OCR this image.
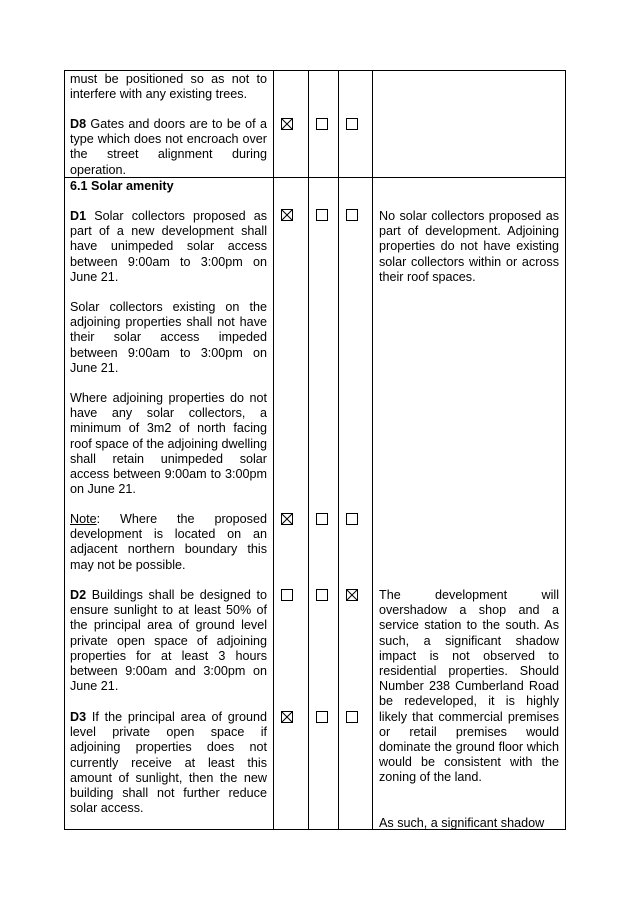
must be positioned so as not to interfere with any existing trees.

D8 Gates and doors are to be of a type which does not encroach over the street alignment during operation.

6.1 Solar amenity

D1 Solar collectors proposed as part of a new development shall have unimpeded solar access between 9:00am to 3:00pm on June 21.

No solar collectors proposed as part of development. Adjoining properties do not have existing solar collectors within or across their roof spaces.

Solar collectors existing on the adjoining properties shall not have their solar access impeded between 9:00am to 3:00pm on June 21.

Where adjoining properties do not have any solar collectors, a minimum of 3m2 of north facing roof space of the adjoining dwelling shall retain unimpeded solar access between 9:00am to 3:00pm on June 21.

Note: Where the proposed development is located on an adjacent northern boundary this may not be possible.

D2 Buildings shall be designed to ensure sunlight to at least 50% of the principal area of ground level private open space of adjoining properties for at least 3 hours between 9:00am and 3:00pm on June 21.

The development will overshadow a shop and a service station to the south. As such, a significant shadow impact is not observed to residential properties. Should Number 238 Cumberland Road be redeveloped, it is highly likely that commercial premises or retail premises would dominate the ground floor which would be consistent with the zoning of the land.

D3 If the principal area of ground level private open space if adjoining properties does not currently receive at least this amount of sunlight, then the new building shall not further reduce solar access.

As such, a significant shadow
